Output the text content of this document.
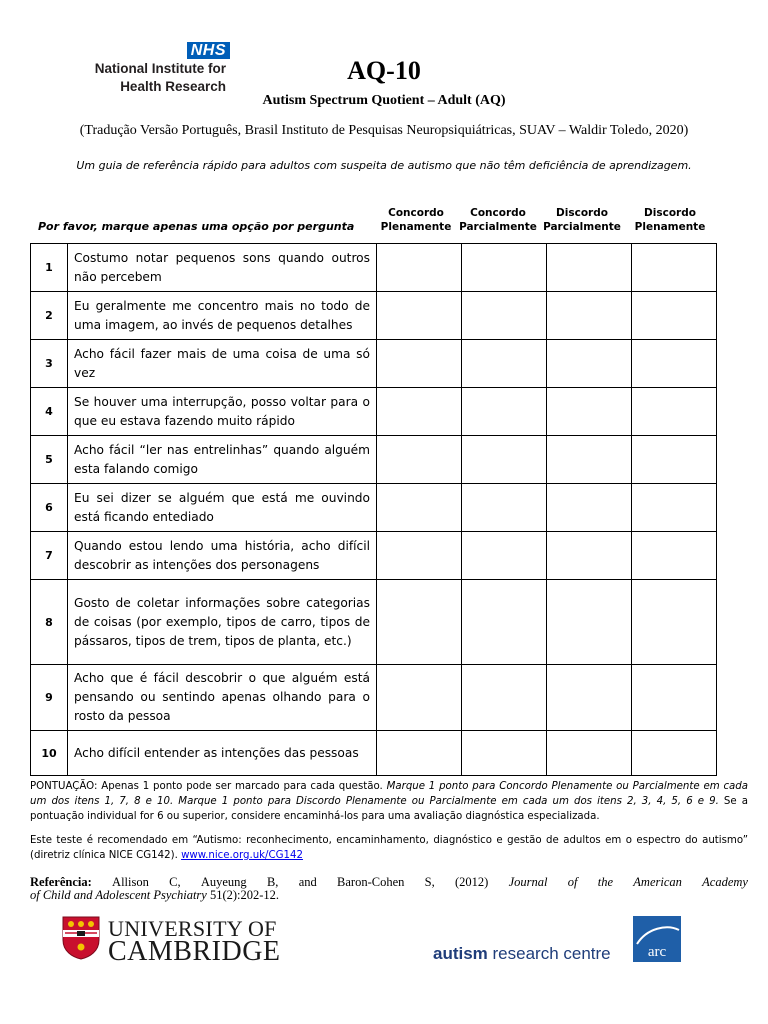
NHS
National Institute for
Health Research
AQ-10
Autism Spectrum Quotient – Adult (AQ)
(Tradução Versão Português, Brasil Instituto de Pesquisas Neuropsiquiátricas, SUAV – Waldir Toledo, 2020)
Um guia de referência rápido para adultos com suspeita de autismo que não têm deficiência de aprendizagem.
Por favor, marque apenas uma opção por pergunta
Concordo
Plenamente
Concordo
Parcialmente
Discordo
Parcialmente
Discordo
Plenamente
1	Costumo notar pequenos sons quando outros não percebem				
2	Eu geralmente me concentro mais no todo de uma imagem, ao invés de pequenos detalhes				
3	Acho fácil fazer mais de uma coisa de uma só vez				
4	Se houver uma interrupção, posso voltar para o que eu estava fazendo muito rápido				
5	Acho fácil “ler nas entrelinhas” quando alguém esta falando comigo				
6	Eu sei dizer se alguém que está me ouvindo está ficando entediado				
7	Quando estou lendo uma história, acho difícil descobrir as intenções dos personagens				
8	Gosto de coletar informações sobre categorias de coisas (por exemplo, tipos de carro, tipos de pássaros, tipos de trem, tipos de planta, etc.)				
9	Acho que é fácil descobrir o que alguém está pensando ou sentindo apenas olhando para o rosto da pessoa				
10	Acho difícil entender as intenções das pessoas				
PONTUAÇÃO: Apenas 1 ponto pode ser marcado para cada questão. Marque 1 ponto para Concordo Plenamente ou Parcialmente em cada um dos itens 1, 7, 8 e 10. Marque 1 ponto para Discordo Plenamente ou Parcialmente em cada um dos itens 2, 3, 4, 5, 6 e 9. Se a pontuação individual for 6 ou superior, considere encaminhá-los para uma avaliação diagnóstica especializada.
Este teste é recomendado em “Autismo: reconhecimento, encaminhamento, diagnóstico e gestão de adultos em o espectro do autismo” (diretriz clínica NICE CG142). www.nice.org.uk/CG142
Referência: Allison C, Auyeung B, and Baron-Cohen S, (2012) Journal of the American Academy
of Child and Adolescent Psychiatry 51(2):202-12.
UNIVERSITY OF
CAMBRIDGE	autism research centre arc
